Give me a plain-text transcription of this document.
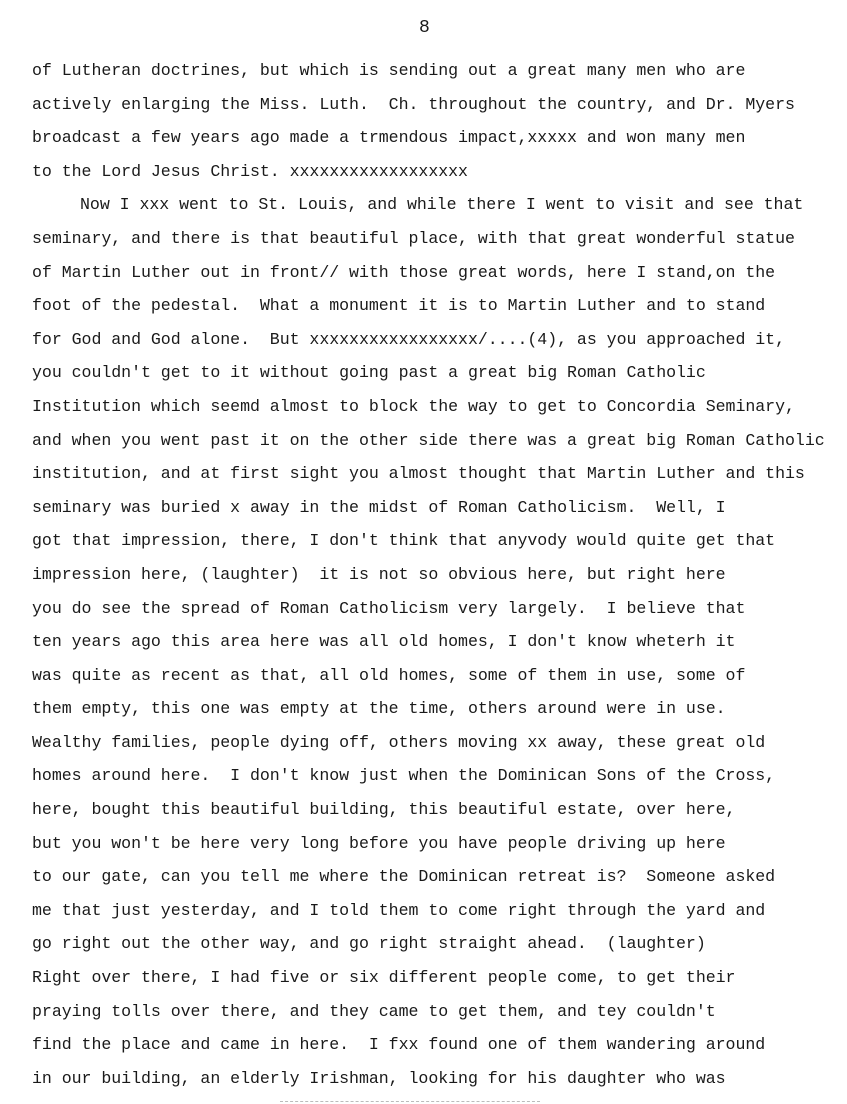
8
of Lutheran doctrines, but which is sending out a great many men who are
actively enlarging the Miss. Luth.  Ch. throughout the country, and Dr. Myers
broadcast a few years ago made a trmendous impact,xxxxx and won many men
to the Lord Jesus Christ. xxxxxxxxxxxxxxxxxx
Now I xxx went to St. Louis, and while there I went to visit and see that
seminary, and there is that beautiful place, with that great wonderful statue
of Martin Luther out in front// with those great words, here I stand,on the
foot of the pedestal.  What a monument it is to Martin Luther and to stand
for God and God alone.  But xxxxxxxxxxxxxxxxx/....(4), as you approached it,
you couldn't get to it without going past a great big Roman Catholic
Institution which seemd almost to block the way to get to Concordia Seminary,
and when you went past it on the other side there was a great big Roman Catholic
institution, and at first sight you almost thought that Martin Luther and this
seminary was buried x away in the midst of Roman Catholicism.  Well, I
got that impression, there, I don't think that anyvody would quite get that
impression here, (laughter)  it is not so obvious here, but right here
you do see the spread of Roman Catholicism very largely.  I believe that
ten years ago this area here was all old homes, I don't know wheterh it
was quite as recent as that, all old homes, some of them in use, some of
them empty, this one was empty at the time, others around were in use.
Wealthy families, people dying off, others moving xx away, these great old
homes around here.  I don't know just when the Dominican Sons of the Cross,
here, bought this beautiful building, this beautiful estate, over here,
but you won't be here very long before you have people driving up here
to our gate, can you tell me where the Dominican retreat is?  Someone asked
me that just yesterday, and I told them to come right through the yard and
go right out the other way, and go right straight ahead.  (laughter)
Right over there, I had five or six different people come, to get their
praying tolls over there, and they came to get them, and tey couldn't
find the place and came in here.  I fxx found one of them wandering around
in our building, an elderly Irishman, looking for his daughter who was
